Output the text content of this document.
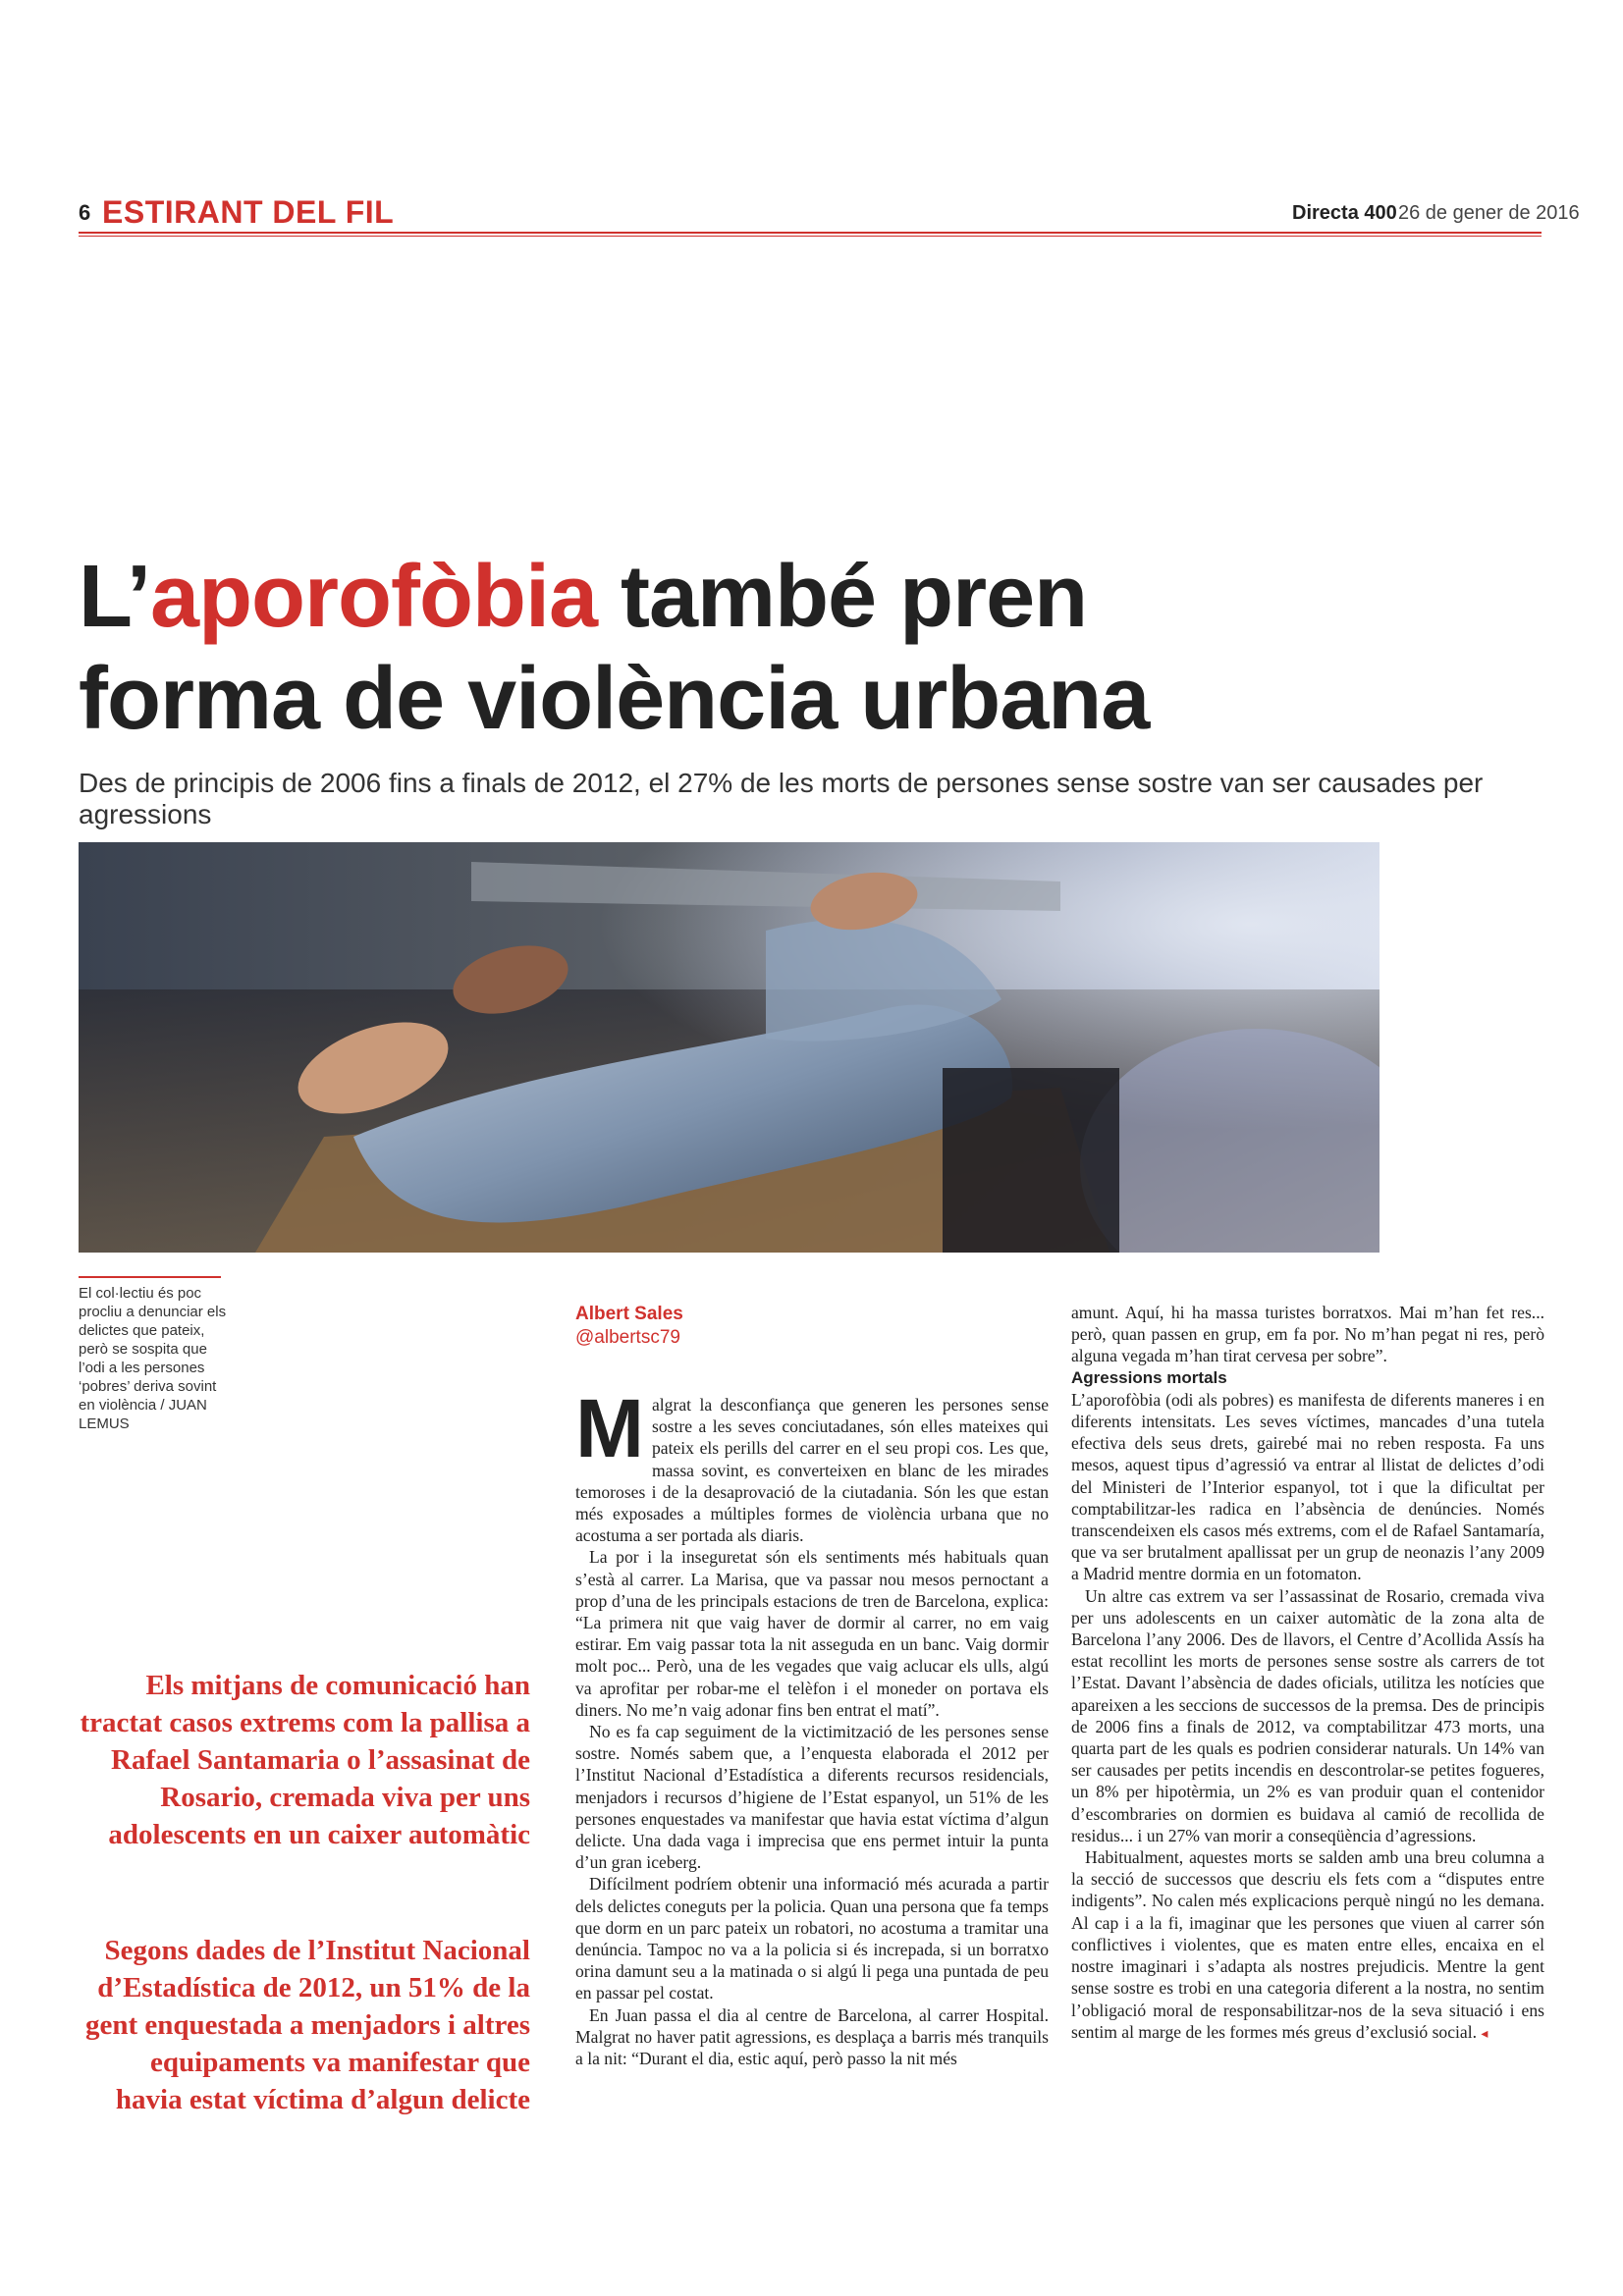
6 ESTIRANT DEL FIL	Directa 400 26 de gener de 2016
L’aporofòbia també pren
forma de violència urbana
Des de principis de 2006 fins a finals de 2012, el 27% de les morts de persones sense sostre van ser causades per agressions
El col·lectiu és poc procliu a denunciar els delictes que pateix, però se sospita que l’odi a les persones ‘pobres’ deriva sovint en violència / JUAN LEMUS
Els mitjans de comunicació han tractat casos extrems com la pallisa a Rafael Santamaria o l’assasinat de Rosario, cremada viva per uns adolescents en un caixer automàtic
Segons dades de l’Institut Nacional d’Estadística de 2012, un 51% de la gent enquestada a menjadors i altres equipaments va manifestar que havia estat víctima d’algun delicte
Albert Sales
@albertsc79

Malgrat la desconfiança que generen les persones sense sostre a les seves conciutadanes, són elles mateixes qui pateix els perills del carrer en el seu propi cos. Les que, massa sovint, es converteixen en blanc de les mirades temoroses i de la desaprovació de la ciutadania. Són les que estan més exposades a múltiples formes de violència urbana que no acostuma a ser portada als diaris.

La por i la inseguretat són els sentiments més habituals quan s’està al carrer. La Marisa, que va passar nou mesos pernoctant a prop d’una de les principals estacions de tren de Barcelona, explica: “La primera nit que vaig haver de dormir al carrer, no em vaig estirar. Em vaig passar tota la nit asseguda en un banc. Vaig dormir molt poc... Però, una de les vegades que vaig aclucar els ulls, algú va aprofitar per robar-me el telèfon i el moneder on portava els diners. No me’n vaig adonar fins ben entrat el matí”.

No es fa cap seguiment de la victimització de les persones sense sostre. Només sabem que, a l’enquesta elaborada el 2012 per l’Institut Nacional d’Estadística a diferents recursos residencials, menjadors i recursos d’higiene de l’Estat espanyol, un 51% de les persones enquestades va manifestar que havia estat víctima d’algun delicte. Una dada vaga i imprecisa que ens permet intuir la punta d’un gran iceberg.

Difícilment podríem obtenir una informació més acurada a partir dels delictes coneguts per la policia. Quan una persona que fa temps que dorm en un parc pateix un robatori, no acostuma a tramitar una denúncia. Tampoc no va a la policia si és increpada, si un borratxo orina damunt seu a la matinada o si algú li pega una puntada de peu en passar pel costat.

En Juan passa el dia al centre de Barcelona, al carrer Hospital. Malgrat no haver patit agressions, es desplaça a barris més tranquils a la nit: “Durant el dia, estic aquí, però passo la nit més

amunt. Aquí, hi ha massa turistes borratxos. Mai m’han fet res... però, quan passen en grup, em fa por. No m’han pegat ni res, però alguna vegada m’han tirat cervesa per sobre”.

Agressions mortals

L’aporofòbia (odi als pobres) es manifesta de diferents maneres i en diferents intensitats. Les seves víctimes, mancades d’una tutela efectiva dels seus drets, gairebé mai no reben resposta. Fa uns mesos, aquest tipus d’agressió va entrar al llistat de delictes d’odi del Ministeri de l’Interior espanyol, tot i que la dificultat per comptabilitzar-les radica en l’absència de denúncies. Només transcendeixen els casos més extrems, com el de Rafael Santamaría, que va ser brutalment apallissat per un grup de neonazis l’any 2009 a Madrid mentre dormia en un fotomaton.

Un altre cas extrem va ser l’assassinat de Rosario, cremada viva per uns adolescents en un caixer automàtic de la zona alta de Barcelona l’any 2006. Des de llavors, el Centre d’Acollida Assís ha estat recollint les morts de persones sense sostre als carrers de tot l’Estat. Davant l’absència de dades oficials, utilitza les notícies que apareixen a les seccions de successos de la premsa. Des de principis de 2006 fins a finals de 2012, va comptabilitzar 473 morts, una quarta part de les quals es podrien considerar naturals. Un 14% van ser causades per petits incendis en descontrolar-se petites fogueres, un 8% per hipotèrmia, un 2% es van produir quan el contenidor d’escombraries on dormien es buidava al camió de recollida de residus... i un 27% van morir a conseqüència d’agressions.

Habitualment, aquestes morts se salden amb una breu columna a la secció de successos que descriu els fets com a “disputes entre indigents”. No calen més explicacions perquè ningú no les demana. Al cap i a la fi, imaginar que les persones que viuen al carrer són conflictives i violentes, que es maten entre elles, encaixa en el nostre imaginari i s’adapta als nostres prejudicis. Mentre la gent sense sostre es trobi en una categoria diferent a la nostra, no sentim l’obligació moral de responsabilitzar-nos de la seva situació i ens sentim al marge de les formes més greus d’exclusió social. ◂
